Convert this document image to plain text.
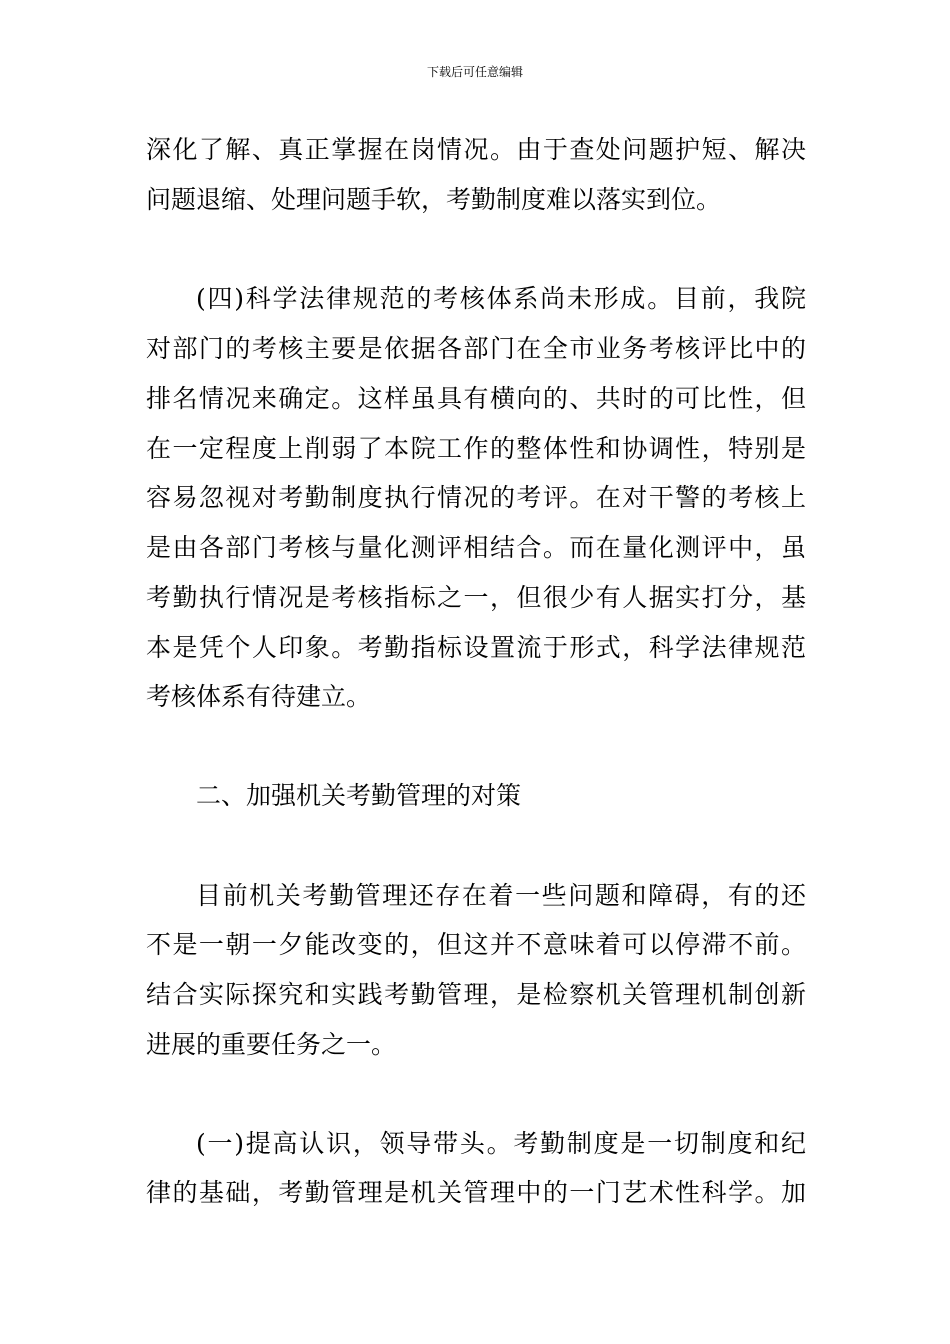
下载后可任意编辑
深化了解、真正掌握在岗情况。由于查处问题护短、解决
问题退缩、处理问题手软，考勤制度难以落实到位。
(四)科学法律规范的考核体系尚未形成。目前，我院
对部门的考核主要是依据各部门在全市业务考核评比中的
排名情况来确定。这样虽具有横向的、共时的可比性，但
在一定程度上削弱了本院工作的整体性和协调性，特别是
容易忽视对考勤制度执行情况的考评。在对干警的考核上
是由各部门考核与量化测评相结合。而在量化测评中，虽
考勤执行情况是考核指标之一，但很少有人据实打分，基
本是凭个人印象。考勤指标设置流于形式，科学法律规范
考核体系有待建立。
二、加强机关考勤管理的对策
目前机关考勤管理还存在着一些问题和障碍，有的还
不是一朝一夕能改变的，但这并不意味着可以停滞不前。
结合实际探究和实践考勤管理，是检察机关管理机制创新
进展的重要任务之一。
(一)提高认识，领导带头。考勤制度是一切制度和纪
律的基础，考勤管理是机关管理中的一门艺术性科学。加
